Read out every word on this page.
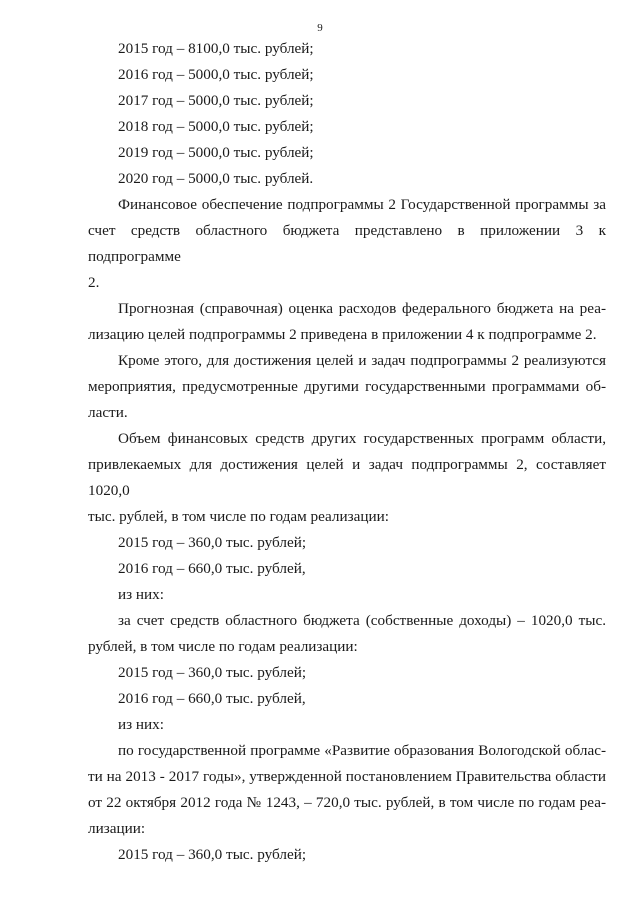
9
2015 год – 8100,0 тыс. рублей;
2016 год – 5000,0 тыс. рублей;
2017 год – 5000,0 тыс. рублей;
2018 год – 5000,0 тыс. рублей;
2019 год – 5000,0 тыс. рублей;
2020 год – 5000,0 тыс. рублей.
Финансовое обеспечение подпрограммы 2 Государственной программы за
счет средств областного бюджета представлено в приложении 3 к подпрограмме
2.
Прогнозная (справочная) оценка расходов федерального бюджета на реа-
лизацию целей подпрограммы 2 приведена в приложении 4 к подпрограмме 2.
Кроме этого, для достижения целей и задач подпрограммы 2 реализуются
мероприятия, предусмотренные другими государственными программами об-
ласти.
Объем финансовых средств других государственных программ области,
привлекаемых для достижения целей и задач подпрограммы 2, составляет 1020,0
тыс. рублей, в том числе по годам реализации:
2015 год – 360,0 тыс. рублей;
2016 год – 660,0 тыс. рублей,
из них:
за счет средств областного бюджета (собственные доходы) – 1020,0 тыс.
рублей, в том числе по годам реализации:
2015 год – 360,0 тыс. рублей;
2016 год – 660,0 тыс. рублей,
из них:
по государственной программе «Развитие образования Вологодской облас-
ти на 2013 - 2017 годы», утвержденной постановлением Правительства области
от 22 октября 2012 года № 1243, – 720,0 тыс. рублей, в том числе по годам реа-
лизации:
2015 год – 360,0 тыс. рублей;
